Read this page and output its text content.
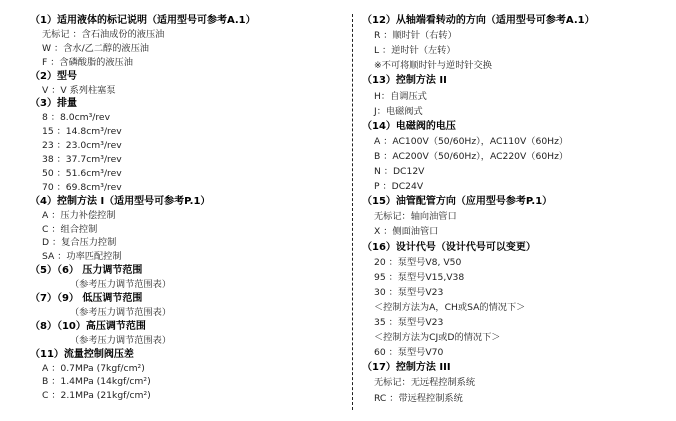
（1）适用液体的标记说明（适用型号可参考A.1）
无标记 ：含石油成份的液压油
W ：含水/乙二醇的液压油
F ：含磷酸脂的液压油
（2）型号
V ：V 系列柱塞泵
（3）排量
8 ：8.0cm³/rev
15 ：14.8cm³/rev
23 ：23.0cm³/rev
38 ：37.7cm³/rev
50 ：51.6cm³/rev
70 ：69.8cm³/rev
（4）控制方法 I（适用型号可参考P.1）
A ：压力补偿控制
C ：组合控制
D ：复合压力控制
SA ：功率匹配控制
（5）（6） 压力调节范围
（参考压力调节范围表）
（7）（9） 低压调节范围
（参考压力调节范围表）
（8）（10）高压调节范围
（参考压力调节范围表）
（11）流量控制阀压差
A ：0.7MPa (7kgf/cm²)
B ：1.4MPa (14kgf/cm²)
C ：2.1MPa (21kgf/cm²)
（12）从轴端看转动的方向（适用型号可参考A.1）
R ：顺时针（右转）
L ：逆时针（左转）
※不可将顺时针与逆时针交换
（13）控制方法 II
H：自调压式
J：电磁阀式
（14）电磁阀的电压
A ：AC100V（50/60Hz），AC110V（60Hz）
B ：AC200V（50/60Hz），AC220V（60Hz）
N ：DC12V
P ：DC24V
（15）油管配管方向（应用型号参考P.1）
无标记：轴向油管口
X ：侧面油管口
（16）设计代号（设计代号可以变更）
20 ：泵型号V8, V50
95 ：泵型号V15,V38
30 ：泵型号V23
＜控制方法为A，CH或SA的情况下＞
35 ：泵型号V23
＜控制方法为CJ或D的情况下＞
60 ：泵型号V70
（17）控制方法 III
无标记：无远程控制系统
RC ：带远程控制系统
